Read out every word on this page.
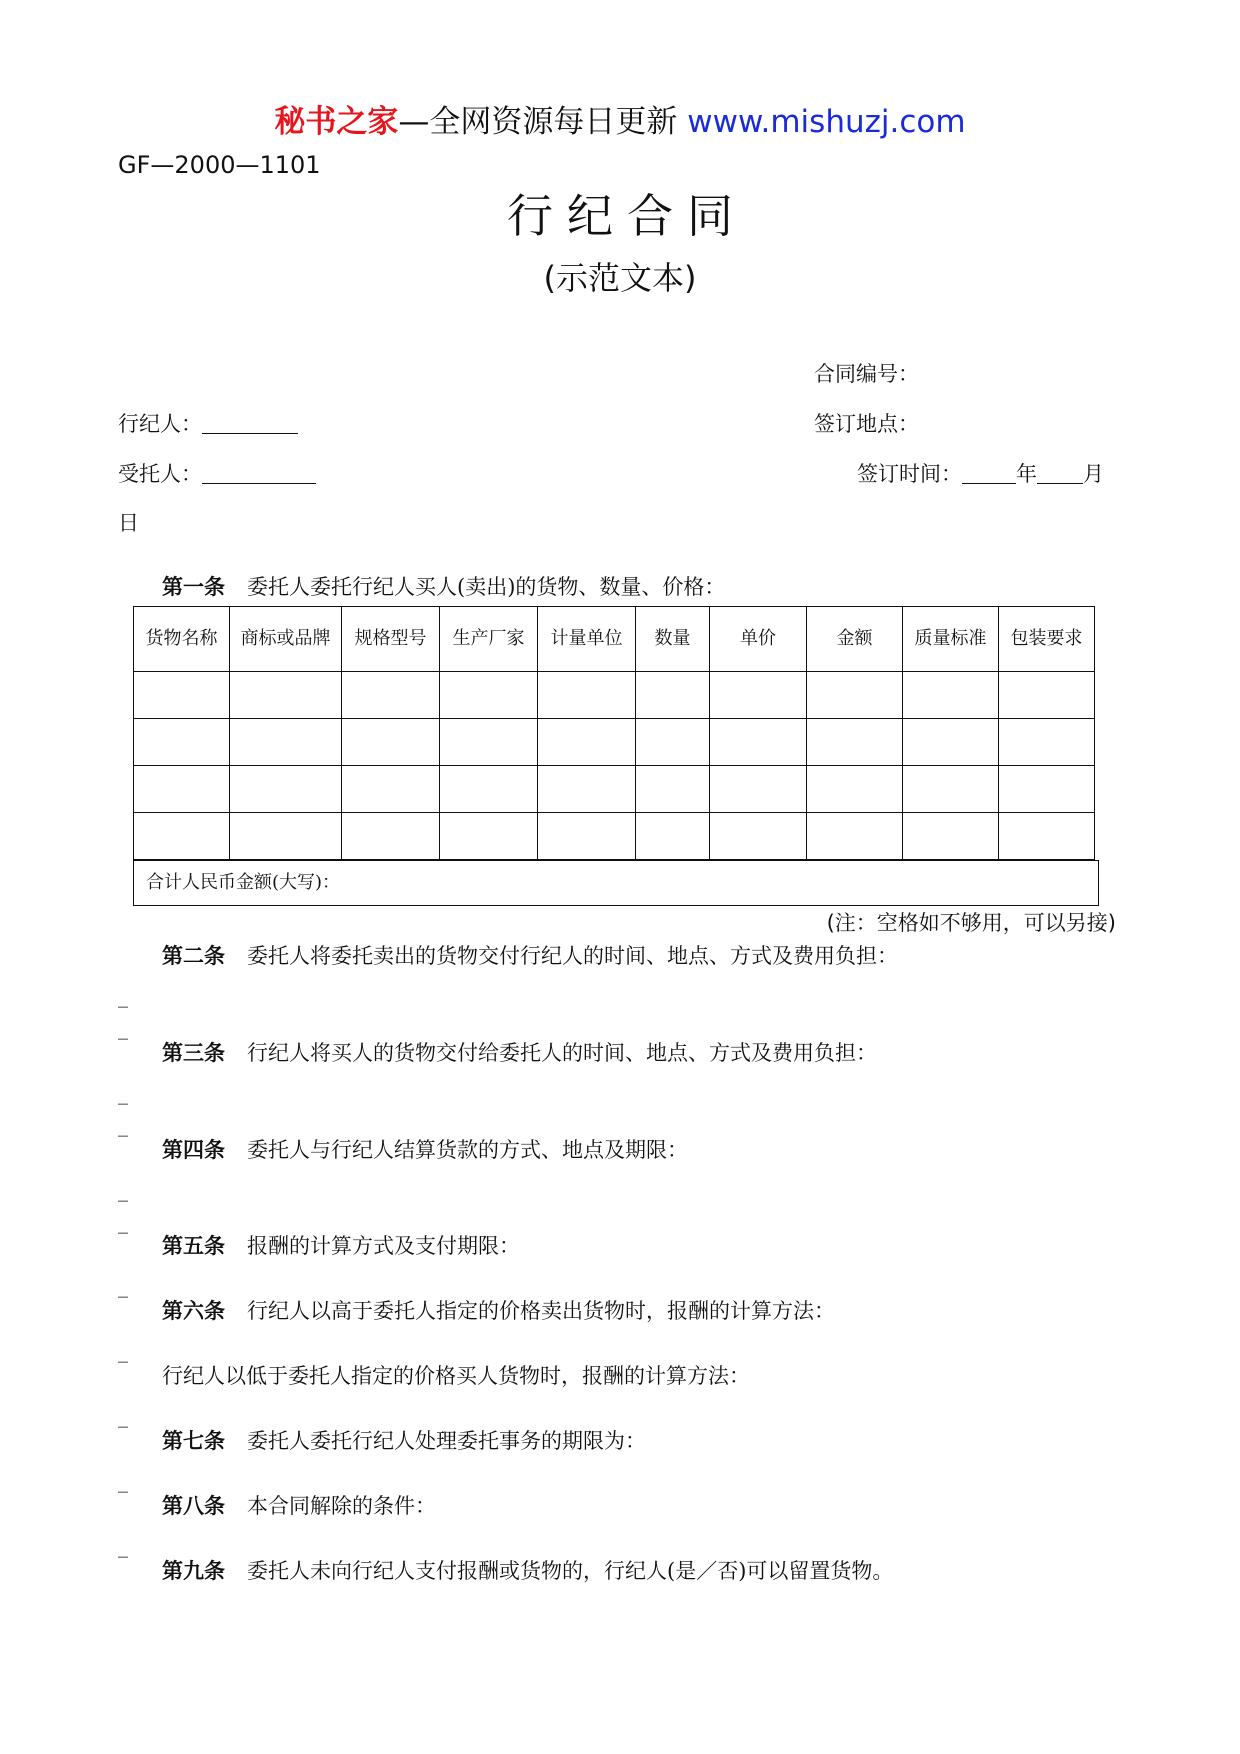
秘书之家—全网资源每日更新 www.mishuzj.com
GF—2000—1101
行纪合同
(示范文本)
合同编号：
行纪人：	签订地点：
受托人：	签订时间：	年 月
日
第一条 委托人委托行纪人买人(卖出)的货物、数量、价格：
货物名称	商标或品牌	规格型号	生产厂家	计量单位	数量	单价	金额	质量标准	包装要求

合计人民币金额(大写)：
(注：空格如不够用，可以另接)
第二条 委托人将委托卖出的货物交付行纪人的时间、地点、方式及费用负担：
_
_
第三条 行纪人将买人的货物交付给委托人的时间、地点、方式及费用负担：
_
_
第四条 委托人与行纪人结算货款的方式、地点及期限：
_
_
第五条 报酬的计算方式及支付期限：
_
第六条 行纪人以高于委托人指定的价格卖出货物时，报酬的计算方法：
_
行纪人以低于委托人指定的价格买人货物时，报酬的计算方法：
_
第七条 委托人委托行纪人处理委托事务的期限为：
_
第八条 本合同解除的条件：
_
第九条 委托人未向行纪人支付报酬或货物的，行纪人(是／否)可以留置货物。
